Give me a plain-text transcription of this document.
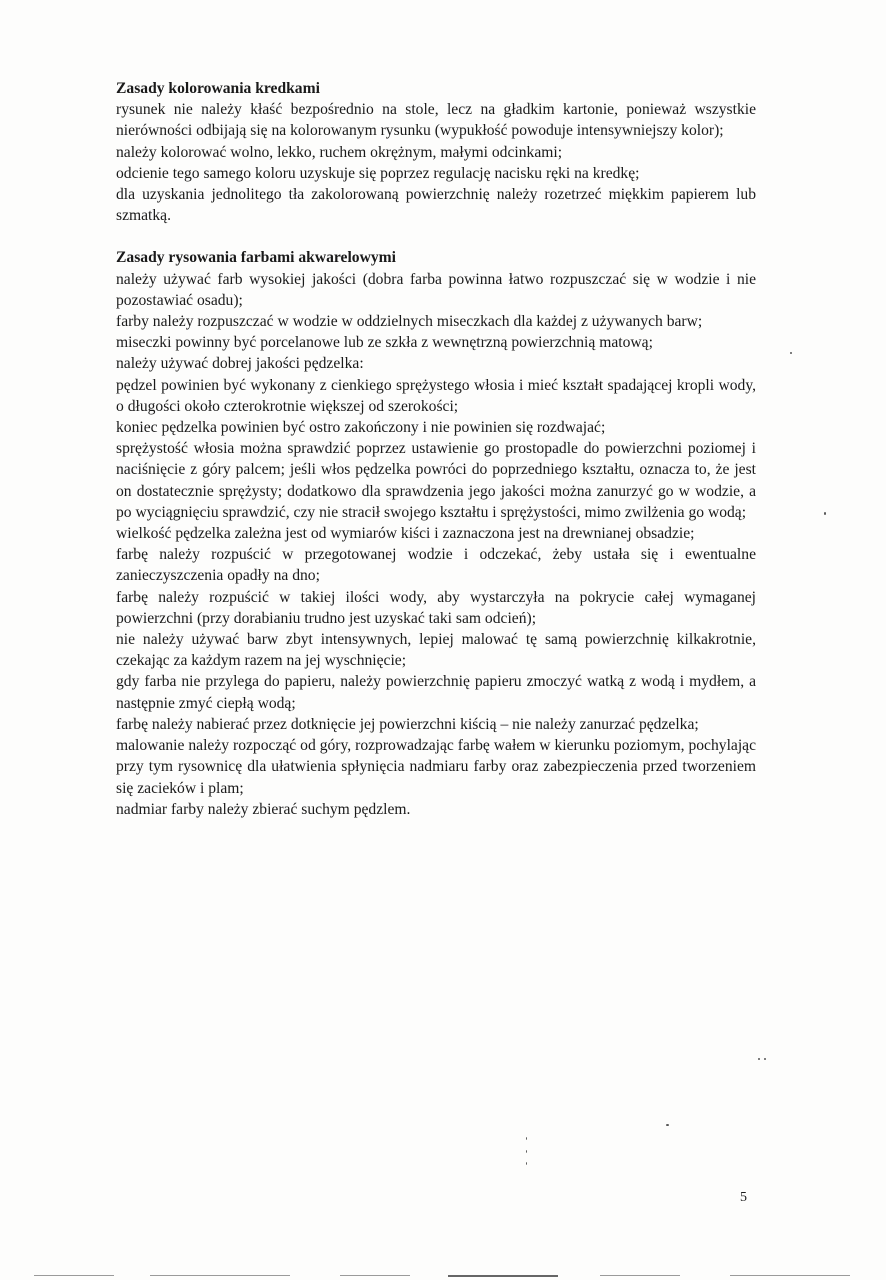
Zasady kolorowania kredkami

rysunek nie należy kłaść bezpośrednio na stole, lecz na gładkim kartonie, ponieważ wszystkie nierówności odbijają się na kolorowanym rysunku (wypukłość powoduje intensywniejszy kolor);

należy kolorować wolno, lekko, ruchem okrężnym, małymi odcinkami;

odcienie tego samego koloru uzyskuje się poprzez regulację nacisku ręki na kredkę;

dla uzyskania jednolitego tła zakolorowaną powierzchnię należy rozetrzeć miękkim papierem lub szmatką.

Zasady rysowania farbami akwarelowymi

należy używać farb wysokiej jakości (dobra farba powinna łatwo rozpuszczać się w wodzie i nie pozostawiać osadu);

farby należy rozpuszczać w wodzie w oddzielnych miseczkach dla każdej z używanych barw;

miseczki powinny być porcelanowe lub ze szkła z wewnętrzną powierzchnią matową;

należy używać dobrej jakości pędzelka:

pędzel powinien być wykonany z cienkiego sprężystego włosia i mieć kształt spadającej kropli wody, o długości około czterokrotnie większej od szerokości;

koniec pędzelka powinien być ostro zakończony i nie powinien się rozdwajać;

sprężystość włosia można sprawdzić poprzez ustawienie go prostopadle do powierzchni poziomej i naciśnięcie z góry palcem; jeśli włos pędzelka powróci do poprzedniego kształtu, oznacza to, że jest on dostatecznie sprężysty; dodatkowo dla sprawdzenia jego jakości można zanurzyć go w wodzie, a po wyciągnięciu sprawdzić, czy nie stracił swojego kształtu i sprężystości, mimo zwilżenia go wodą;

wielkość pędzelka zależna jest od wymiarów kiści i zaznaczona jest na drewnianej obsadzie;

farbę należy rozpuścić w przegotowanej wodzie i odczekać, żeby ustała się i ewentualne zanieczyszczenia opadły na dno;

farbę należy rozpuścić w takiej ilości wody, aby wystarczyła na pokrycie całej wymaganej powierzchni (przy dorabianiu trudno jest uzyskać taki sam odcień);

nie należy używać barw zbyt intensywnych, lepiej malować tę samą powierzchnię kilkakrotnie, czekając za każdym razem na jej wyschnięcie;

gdy farba nie przylega do papieru, należy powierzchnię papieru zmoczyć watką z wodą i mydłem, a następnie zmyć ciepłą wodą;

farbę należy nabierać przez dotknięcie jej powierzchni kiścią – nie należy zanurzać pędzelka;

malowanie należy rozpocząć od góry, rozprowadzając farbę wałem w kierunku poziomym, pochylając przy tym rysownicę dla ułatwienia spłynięcia nadmiaru farby oraz zabezpieczenia przed tworzeniem się zacieków i plam;

nadmiar farby należy zbierać suchym pędzlem.

5
